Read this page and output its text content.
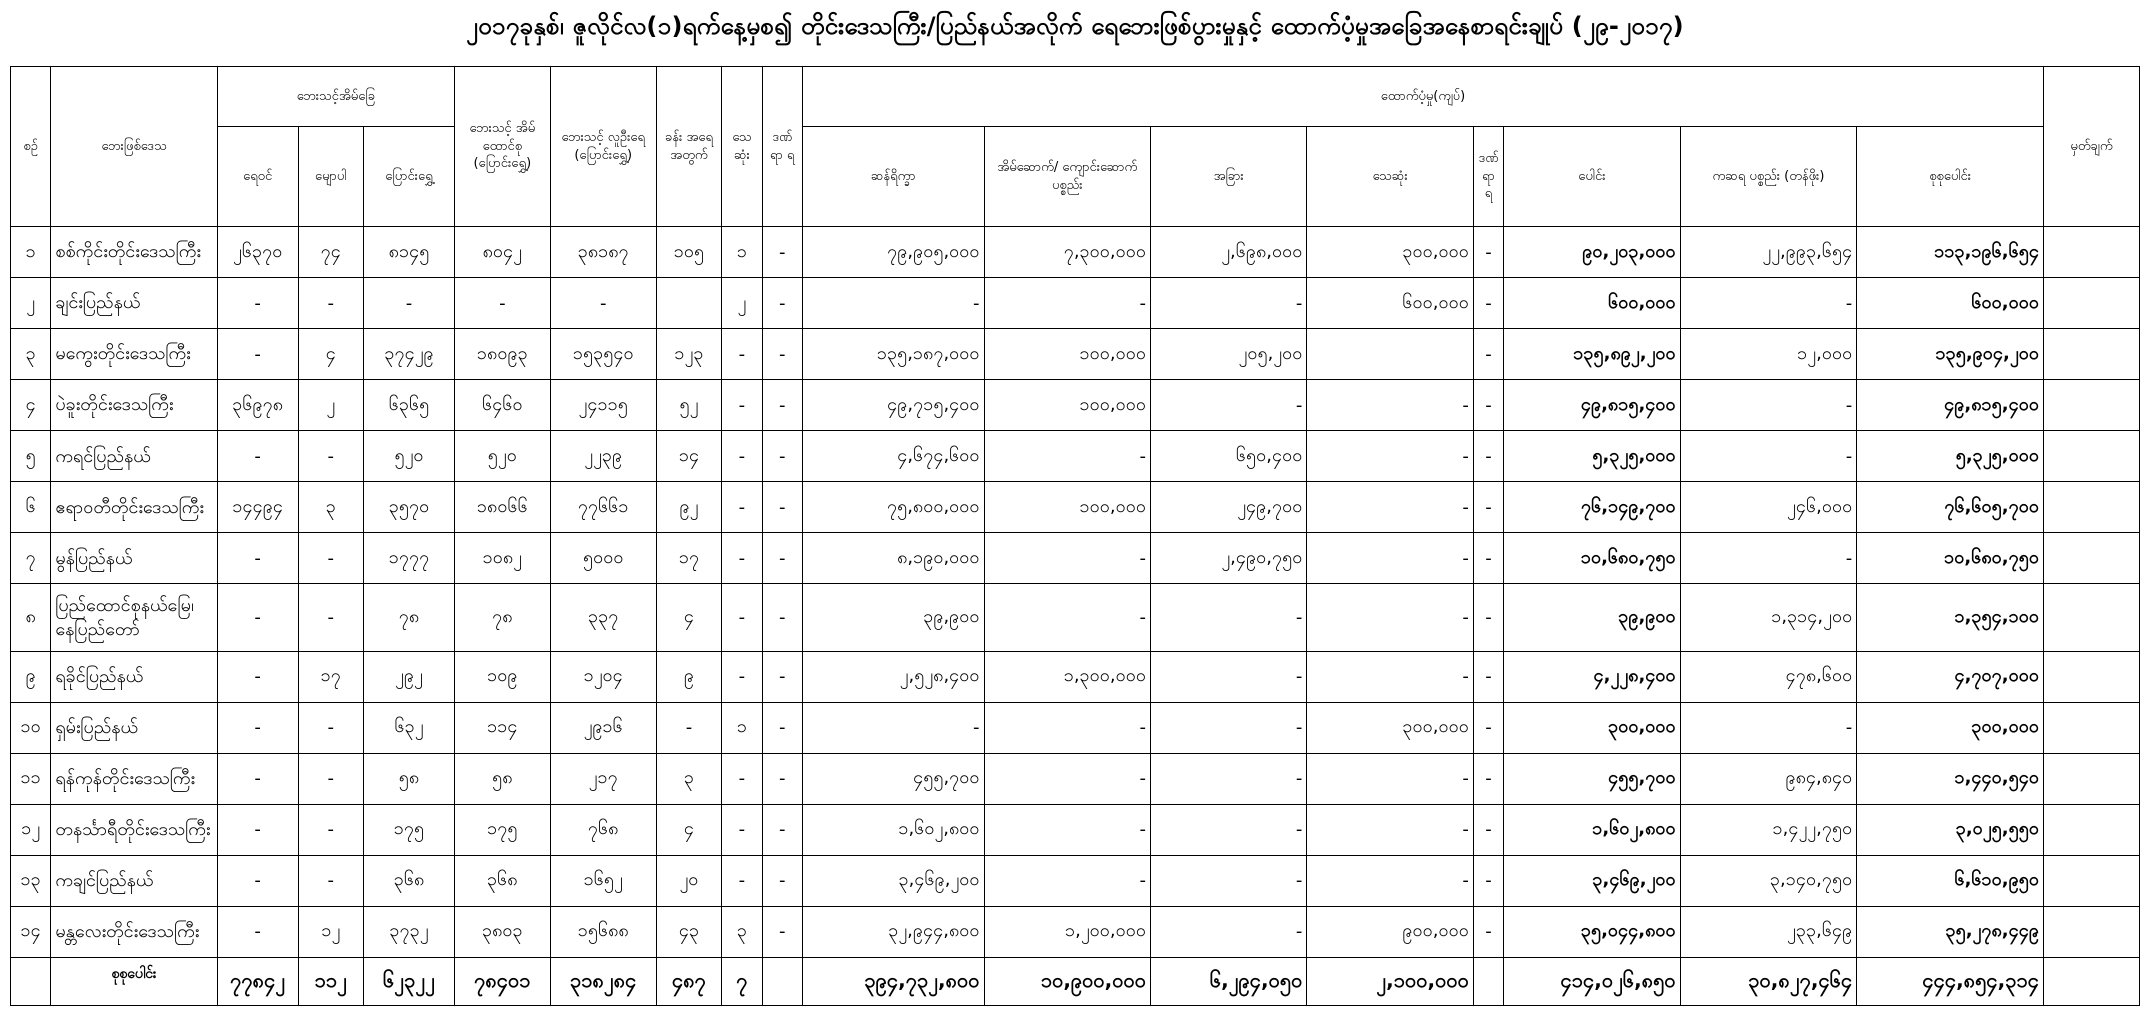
၂၀၁၇ခုနှစ်၊ ဇူလိုင်လ(၁)ရက်နေ့မှစ၍ တိုင်းဒေသကြီး/ပြည်နယ်အလိုက် ရေဘေးဖြစ်ပွားမှုနှင့် ထောက်ပံ့မှုအခြေအနေစာရင်းချုပ် (၂၉-၂၀၁၇)
စဉ်	ဘေးဖြစ်ဒေသ	ဘေးသင့်အိမ်ခြေ			ဘေးသင့် အိမ် ထောင်စု (ပြောင်းရွှေ့)	ဘေးသင့် လူဦးရေ (ပြောင်းရွှေ့)	ခန်း အရေ အတွက်	သေ ဆုံး	ဒဏ် ရာ ရ	ထောက်ပံ့မှု(ကျပ်)								မှတ်ချက်
		ရေဝင်	မျောပါ	ပြောင်းရွှေ့						ဆန်ရိက္ခာ	အိမ်ဆောက်/ ကျောင်းဆောက် ပစ္စည်း	အခြား	သေဆုံး	ဒဏ် ရာ ရ	ပေါင်း	ကဆရ ပစ္စည်း (တန်ဖိုး)	စုစုပေါင်း	
၁	စစ်ကိုင်းတိုင်းဒေသကြီး	၂၆၃၇၀	၇၄	၈၁၄၅	၈၀၄၂	၃၈၁၈၇	၁၀၅	၁	-	၇၉,၉၀၅,၀၀၀	၇,၃၀၀,၀၀၀	၂,၆၉၈,၀၀၀	၃၀၀,၀၀၀	-	၉၀,၂၀၃,၀၀၀	၂၂,၉၉၃,၆၅၄	၁၁၃,၁၉၆,၆၅၄	
၂	ချင်းပြည်နယ်	-	-	-	-	-		၂	-	-	-	-	၆၀၀,၀၀၀	-	၆၀၀,၀၀၀	-	၆၀၀,၀၀၀	
၃	မကွေးတိုင်းဒေသကြီး	-	၄	၃၇၄၂၉	၁၈၀၉၃	၁၅၃၅၄၀	၁၂၃	-	-	၁၃၅,၁၈၇,၀၀၀	၁၀၀,၀၀၀	၂၀၅,၂၀၀		-	၁၃၅,၈၉၂,၂၀၀	၁၂,၀၀၀	၁၃၅,၉၀၄,၂၀၀	
၄	ပဲခူးတိုင်းဒေသကြီး	၃၆၉၇၈	၂	၆၃၆၅	၆၄၆၀	၂၄၁၁၅	၅၂	-	-	၄၉,၇၁၅,၄၀၀	၁၀၀,၀၀၀	-	-	-	၄၉,၈၁၅,၄၀၀	-	၄၉,၈၁၅,၄၀၀	
၅	ကရင်ပြည်နယ်	-	-	၅၂၀	၅၂၀	၂၂၃၉	၁၄	-	-	၄,၆၇၄,၆၀၀	-	၆၅၀,၄၀၀	-	-	၅,၃၂၅,၀၀၀	-	၅,၃၂၅,၀၀၀	
၆	ဧရာဝတီတိုင်းဒေသကြီး	၁၄၄၉၄	၃	၃၅၇၀	၁၈၀၆၆	၇၇၆၆၁	၉၂	-	-	၇၅,၈၀၀,၀၀၀	၁၀၀,၀၀၀	၂၄၉,၇၀၀	-	-	၇၆,၁၄၉,၇၀၀	၂၄၆,၀၀၀	၇၆,၆၀၅,၇၀၀	
၇	မွန်ပြည်နယ်	-	-	၁၇၇၇	၁၀၈၂	၅၀၀၀	၁၇	-	-	၈,၁၉၀,၀၀၀	-	၂,၄၉၀,၇၅၀	-	-	၁၀,၆၈၀,၇၅၀	-	၁၀,၆၈၀,၇၅၀	
၈	ပြည်ထောင်စုနယ်မြေ၊ နေပြည်တော်	-	-	၇၈	၇၈	၃၃၇	၄	-	-	၃၉,၉၀၀	-	-	-	-	၃၉,၉၀၀	၁,၃၁၄,၂၀၀	၁,၃၅၄,၁၀၀	
၉	ရခိုင်ပြည်နယ်	-	၁၇	၂၉၂	၁၀၉	၁၂၀၄	၉	-	-	၂,၅၂၈,၄၀၀	၁,၃၀၀,၀၀၀	-	-	-	၄,၂၂၈,၄၀၀	၄၇၈,၆၀၀	၄,၇၀၇,၀၀၀	
၁၀	ရှမ်းပြည်နယ်	-	-	၆၃၂	၁၁၄	၂၉၁၆	-	၁	-	-	-	-	၃၀၀,၀၀၀	-	၃၀၀,၀၀၀	-	၃၀၀,၀၀၀	
၁၁	ရန်ကုန်တိုင်းဒေသကြီး	-	-	၅၈	၅၈	၂၁၇	၃	-	-	၄၅၅,၇၀၀	-	-	-	-	၄၅၅,၇၀၀	၉၈၄,၈၄၀	၁,၄၄၀,၅၄၀	
၁၂	တနင်္သာရီတိုင်းဒေသကြီး	-	-	၁၇၅	၁၇၅	၇၆၈	၄	-	-	၁,၆၀၂,၈၀၀	-	-	-	-	၁,၆၀၂,၈၀၀	၁,၄၂၂,၇၅၀	၃,၀၂၅,၅၅၀	
၁၃	ကချင်ပြည်နယ်	-	-	၃၆၈	၃၆၈	၁၆၅၂	၂၀	-	-	၃,၄၆၉,၂၀၀	-	-	-	-	၃,၄၆၉,၂၀၀	၃,၁၄၀,၇၅၀	၆,၆၁၀,၉၅၀	
၁၄	မန္တလေးတိုင်းဒေသကြီး	-	၁၂	၃၇၃၂	၃၈၀၃	၁၅၆၈၈	၄၃	၃	-	၃၂,၉၄၄,၈၀၀	၁,၂၀၀,၀၀၀	-	၉၀၀,၀၀၀	-	၃၅,၀၄၄,၈၀၀	၂၃၃,၆၄၉	၃၅,၂၇၈,၄၄၉	
	စုစုပေါင်း	၇၇၈၄၂	၁၁၂	၆၂၃၂၂	၇၈၄၀၁	၃၁၈၂၈၄	၄၈၇	၇		၃၉၄,၇၃၂,၈၀၀	၁၀,၉၀၀,၀၀၀	၆,၂၉၄,၀၅၀	၂,၁၀၀,၀၀၀		၄၁၄,၀၂၆,၈၅၀	၃၀,၈၂၇,၄၆၄	၄၄၄,၈၅၄,၃၁၄	
